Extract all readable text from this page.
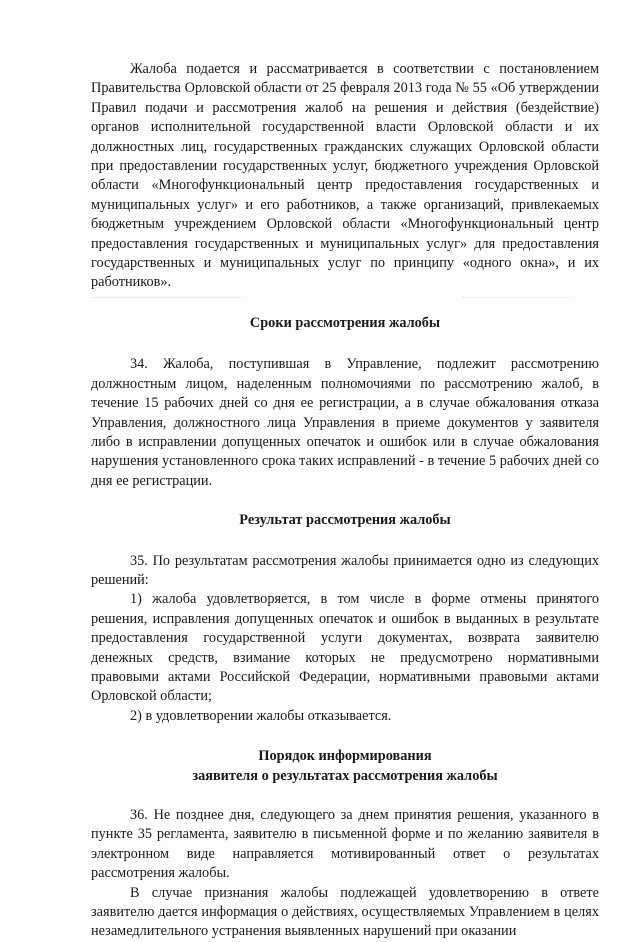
Жалоба подается и рассматривается в соответствии с постановлением Правительства Орловской области от 25 февраля 2013 года № 55 «Об утверждении Правил подачи и рассмотрения жалоб на решения и действия (бездействие) органов исполнительной государственной власти Орловской области и их должностных лиц, государственных гражданских служащих Орловской области при предоставлении государственных услуг, бюджетного учреждения Орловской области «Многофункциональный центр предоставления государственных и муниципальных услуг» и его работников, а также организаций, привлекаемых бюджетным учреждением Орловской области «Многофункциональный центр предоставления государственных и муниципальных услуг» для предоставления государственных и муниципальных услуг по принципу «одного окна», и их работников».

Сроки рассмотрения жалобы

34. Жалоба, поступившая в Управление, подлежит рассмотрению должностным лицом, наделенным полномочиями по рассмотрению жалоб, в течение 15 рабочих дней со дня ее регистрации, а в случае обжалования отказа Управления, должностного лица Управления в приеме документов у заявителя либо в исправлении допущенных опечаток и ошибок или в случае обжалования нарушения установленного срока таких исправлений - в течение 5 рабочих дней со дня ее регистрации.

Результат рассмотрения жалобы

35. По результатам рассмотрения жалобы принимается одно из следующих решений:

1) жалоба удовлетворяется, в том числе в форме отмены принятого решения, исправления допущенных опечаток и ошибок в выданных в результате предоставления государственной услуги документах, возврата заявителю денежных средств, взимание которых не предусмотрено нормативными правовыми актами Российской Федерации, нормативными правовыми актами Орловской области;

2) в удовлетворении жалобы отказывается.

Порядок информирования

заявителя о результатах рассмотрения жалобы

36. Не позднее дня, следующего за днем принятия решения, указанного в пункте 35 регламента, заявителю в письменной форме и по желанию заявителя в электронном виде направляется мотивированный ответ о результатах рассмотрения жалобы.

В случае признания жалобы подлежащей удовлетворению в ответе заявителю дается информация о действиях, осуществляемых Управлением в целях незамедлительного устранения выявленных нарушений при оказании
